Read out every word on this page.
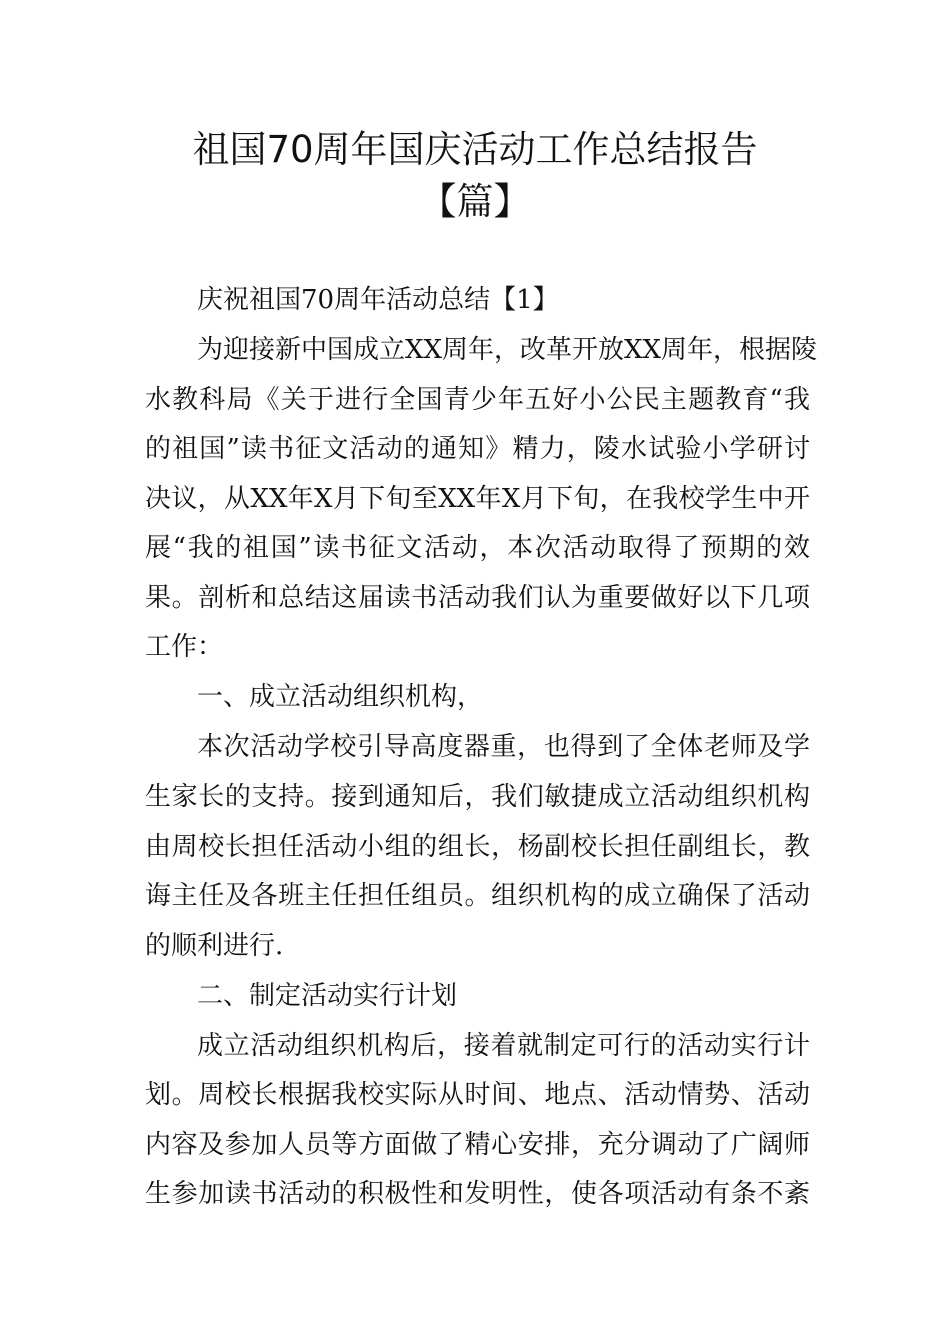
祖国70周年国庆活动工作总结报告
【篇】
庆祝祖国70周年活动总结【1】
为迎接新中国成立XX周年，改革开放XX周年，根据陵
水教科局《关于进行全国青少年五好小公民主题教育“我
的祖国”读书征文活动的通知》精力，陵水试验小学研讨
决议，从XX年X月下旬至XX年X月下旬，在我校学生中开
展“我的祖国”读书征文活动，本次活动取得了预期的效
果。剖析和总结这届读书活动我们认为重要做好以下几项
工作：
一、成立活动组织机构，
本次活动学校引导高度器重，也得到了全体老师及学
生家长的支持。接到通知后，我们敏捷成立活动组织机构
由周校长担任活动小组的组长，杨副校长担任副组长，教
诲主任及各班主任担任组员。组织机构的成立确保了活动
的顺利进行.
二、制定活动实行计划
成立活动组织机构后，接着就制定可行的活动实行计
划。周校长根据我校实际从时间、地点、活动情势、活动
内容及参加人员等方面做了精心安排，充分调动了广阔师
生参加读书活动的积极性和发明性，使各项活动有条不紊
